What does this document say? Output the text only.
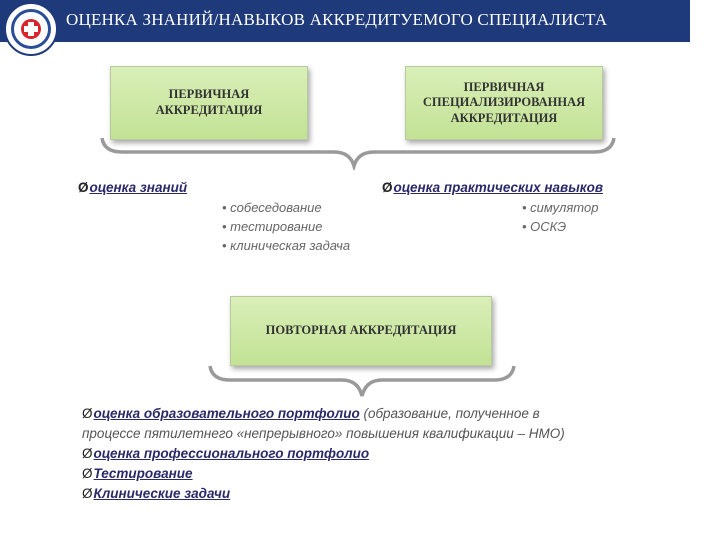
ОЦЕНКА ЗНАНИЙ/НАВЫКОВ АККРЕДИТУЕМОГО СПЕЦИАЛИСТА
ПЕРВИЧНАЯ
АККРЕДИТАЦИЯ
ПЕРВИЧНАЯ
СПЕЦИАЛИЗИРОВАННАЯ
АККРЕДИТАЦИЯ
Øоценка знаний	Øоценка практических навыков
• собеседование
• тестирование
• клиническая задача
• симулятор
• ОСКЭ
ПОВТОРНАЯ АККРЕДИТАЦИЯ
Øоценка образовательного портфолио (образование, полученное в
процессе пятилетнего «непрерывного» повышения квалификации – НМО)
Øоценка профессионального портфолио
ØТестирование
ØКлинические задачи
